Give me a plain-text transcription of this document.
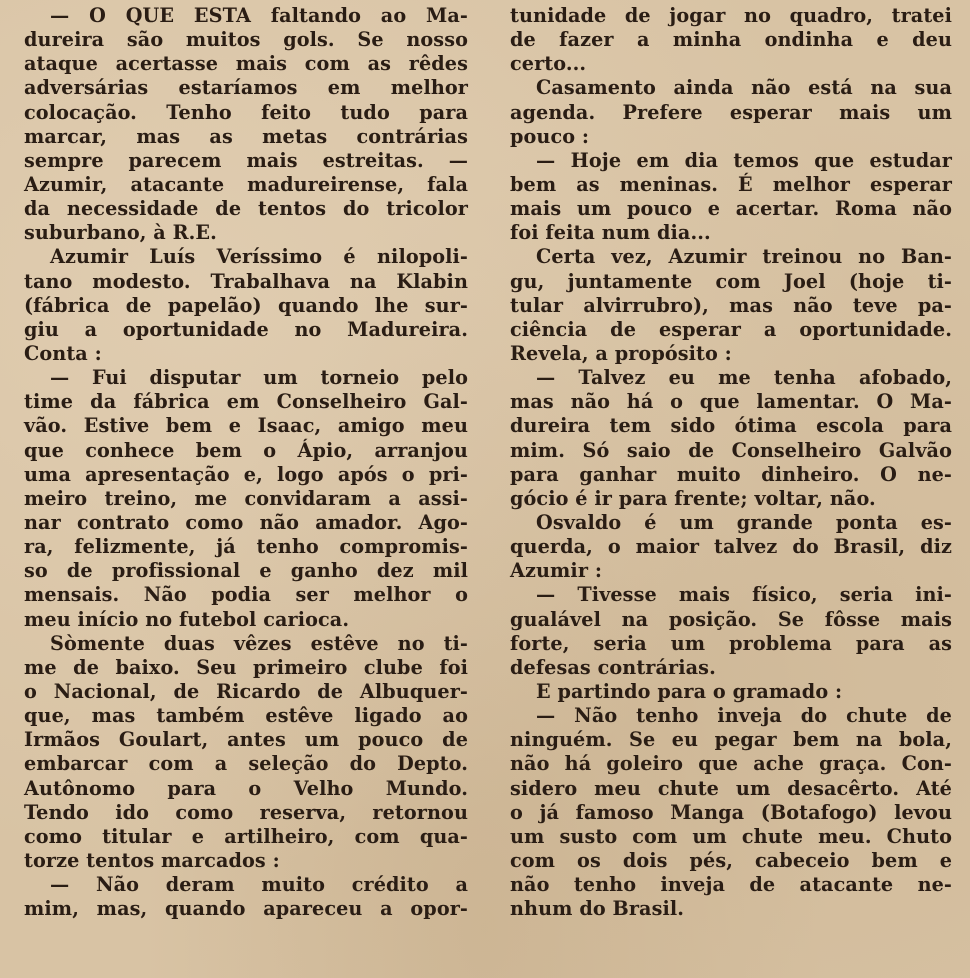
— O QUE ESTA faltando ao Ma-
dureira são muitos gols. Se nosso
ataque acertasse mais com as rêdes
adversárias estaríamos em melhor
colocação. Tenho feito tudo para
marcar, mas as metas contrárias
sempre parecem mais estreitas. —
Azumir, atacante madureirense, fala
da necessidade de tentos do tricolor
suburbano, à R.E.
Azumir Luís Veríssimo é nilopoli-
tano modesto. Trabalhava na Klabin
(fábrica de papelão) quando lhe sur-
giu a oportunidade no Madureira.
Conta :
— Fui disputar um torneio pelo
time da fábrica em Conselheiro Gal-
vão. Estive bem e Isaac, amigo meu
que conhece bem o Ápio, arranjou
uma apresentação e, logo após o pri-
meiro treino, me convidaram a assi-
nar contrato como não amador. Ago-
ra, felizmente, já tenho compromis-
so de profissional e ganho dez mil
mensais. Não podia ser melhor o
meu início no futebol carioca.
Sòmente duas vêzes estêve no ti-
me de baixo. Seu primeiro clube foi
o Nacional, de Ricardo de Albuquer-
que, mas também estêve ligado ao
Irmãos Goulart, antes um pouco de
embarcar com a seleção do Depto.
Autônomo para o Velho Mundo.
Tendo ido como reserva, retornou
como titular e artilheiro, com qua-
torze tentos marcados :
— Não deram muito crédito a
mim, mas, quando apareceu a opor-
tunidade de jogar no quadro, tratei
de fazer a minha ondinha e deu
certo...
Casamento ainda não está na sua
agenda. Prefere esperar mais um
pouco :
— Hoje em dia temos que estudar
bem as meninas. É melhor esperar
mais um pouco e acertar. Roma não
foi feita num dia...
Certa vez, Azumir treinou no Ban-
gu, juntamente com Joel (hoje ti-
tular alvirrubro), mas não teve pa-
ciência de esperar a oportunidade.
Revela, a propósito :
— Talvez eu me tenha afobado,
mas não há o que lamentar. O Ma-
dureira tem sido ótima escola para
mim. Só saio de Conselheiro Galvão
para ganhar muito dinheiro. O ne-
gócio é ir para frente; voltar, não.
Osvaldo é um grande ponta es-
querda, o maior talvez do Brasil, diz
Azumir :
— Tivesse mais físico, seria ini-
gualável na posição. Se fôsse mais
forte, seria um problema para as
defesas contrárias.
E partindo para o gramado :
— Não tenho inveja do chute de
ninguém. Se eu pegar bem na bola,
não há goleiro que ache graça. Con-
sidero meu chute um desacêrto. Até
o já famoso Manga (Botafogo) levou
um susto com um chute meu. Chuto
com os dois pés, cabeceio bem e
não tenho inveja de atacante ne-
nhum do Brasil.
